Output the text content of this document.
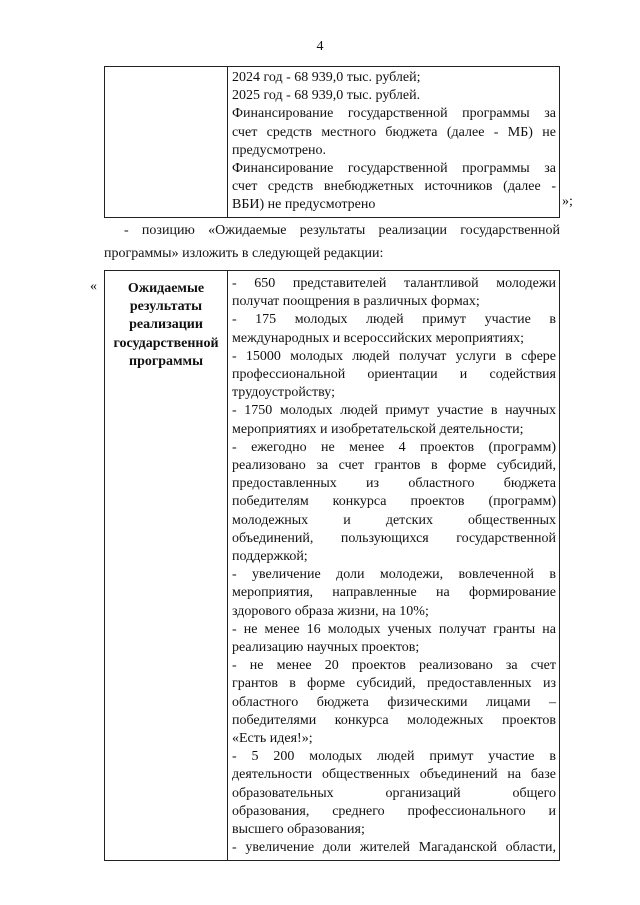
4

2024 год - 68 939,0 тыс. рублей;
2025 год - 68 939,0 тыс. рублей.
Финансирование государственной программы за
счет средств местного бюджета (далее - МБ) не
предусмотрено.
Финансирование государственной программы за
счет средств внебюджетных источников (далее -
ВБИ) не предусмотрено	»;
- позицию «Ожидаемые результаты реализации государственной
программы» изложить в следующей редакции:
«	Ожидаемые
результаты
реализации
государственной
программы

- 650 представителей талантливой молодежи
получат поощрения в различных формах;
- 175 молодых людей примут участие в
международных и всероссийских мероприятиях;
- 15000 молодых людей получат услуги в сфере
профессиональной ориентации и содействия
трудоустройству;
- 1750 молодых людей примут участие в научных
мероприятиях и изобретательской деятельности;
- ежегодно не менее 4 проектов (программ)
реализовано за счет грантов в форме субсидий,
предоставленных из областного бюджета
победителям конкурса проектов (программ)
молодежных и детских общественных
объединений, пользующихся государственной
поддержкой;
- увеличение доли молодежи, вовлеченной в
мероприятия, направленные на формирование
здорового образа жизни, на 10%;
- не менее 16 молодых ученых получат гранты на
реализацию научных проектов;
- не менее 20 проектов реализовано за счет
грантов в форме субсидий, предоставленных из
областного бюджета физическими лицами –
победителями конкурса молодежных проектов
«Есть идея!»;
- 5 200 молодых людей примут участие в
деятельности общественных объединений на базе
образовательных организаций общего
образования, среднего профессионального и
высшего образования;
- увеличение доли жителей Магаданской области,
